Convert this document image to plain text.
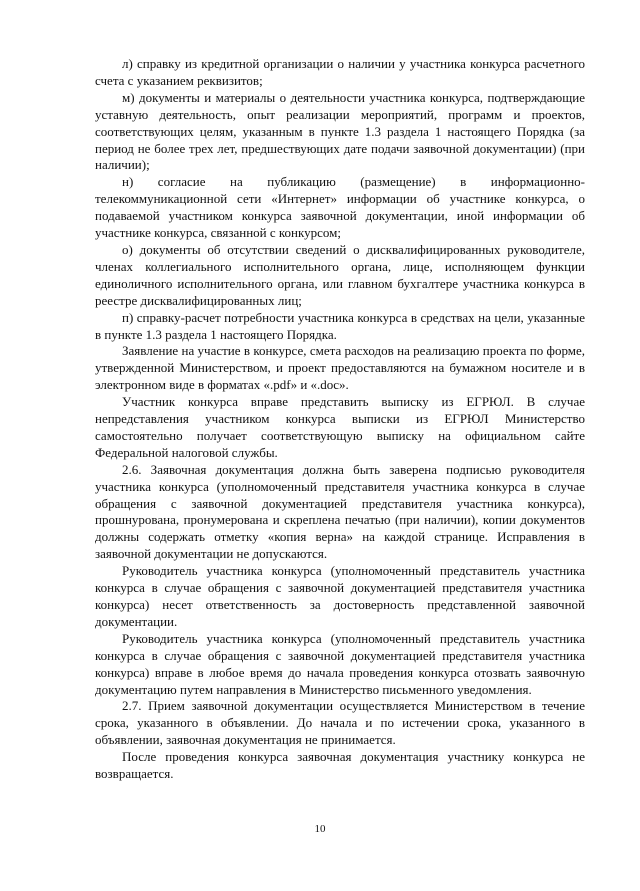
л) справку из кредитной организации о наличии у участника конкурса расчетного счета с указанием реквизитов;

м) документы и материалы о деятельности участника конкурса, подтверждающие уставную деятельность, опыт реализации мероприятий, программ и проектов, соответствующих целям, указанным в пункте 1.3 раздела 1 настоящего Порядка (за период не более трех лет, предшествующих дате подачи заявочной документации) (при наличии);

н) согласие на публикацию (размещение) в информационно-телекоммуникационной сети «Интернет» информации об участнике конкурса, о подаваемой участником конкурса заявочной документации, иной информации об участнике конкурса, связанной с конкурсом;

о) документы об отсутствии сведений о дисквалифицированных руководителе, членах коллегиального исполнительного органа, лице, исполняющем функции единоличного исполнительного органа, или главном бухгалтере участника конкурса в реестре дисквалифицированных лиц;

п) справку-расчет потребности участника конкурса в средствах на цели, указанные в пункте 1.3 раздела 1 настоящего Порядка.

Заявление на участие в конкурсе, смета расходов на реализацию проекта по форме, утвержденной Министерством, и проект предоставляются на бумажном носителе и в электронном виде в форматах «.pdf» и «.doc».

Участник конкурса вправе представить выписку из ЕГРЮЛ. В случае непредставления участником конкурса выписки из ЕГРЮЛ Министерство самостоятельно получает соответствующую выписку на официальном сайте Федеральной налоговой службы.

2.6. Заявочная документация должна быть заверена подписью руководителя участника конкурса (уполномоченный представителя участника конкурса в случае обращения с заявочной документацией представителя участника конкурса), прошнурована, пронумерована и скреплена печатью (при наличии), копии документов должны содержать отметку «копия верна» на каждой странице. Исправления в заявочной документации не допускаются.

Руководитель участника конкурса (уполномоченный представитель участника конкурса в случае обращения с заявочной документацией представителя участника конкурса) несет ответственность за достоверность представленной заявочной документации.

Руководитель участника конкурса (уполномоченный представитель участника конкурса в случае обращения с заявочной документацией представителя участника конкурса) вправе в любое время до начала проведения конкурса отозвать заявочную документацию путем направления в Министерство письменного уведомления.

2.7. Прием заявочной документации осуществляется Министерством в течение срока, указанного в объявлении. До начала и по истечении срока, указанного в объявлении, заявочная документация не принимается.

После проведения конкурса заявочная документация участнику конкурса не возвращается.

10
